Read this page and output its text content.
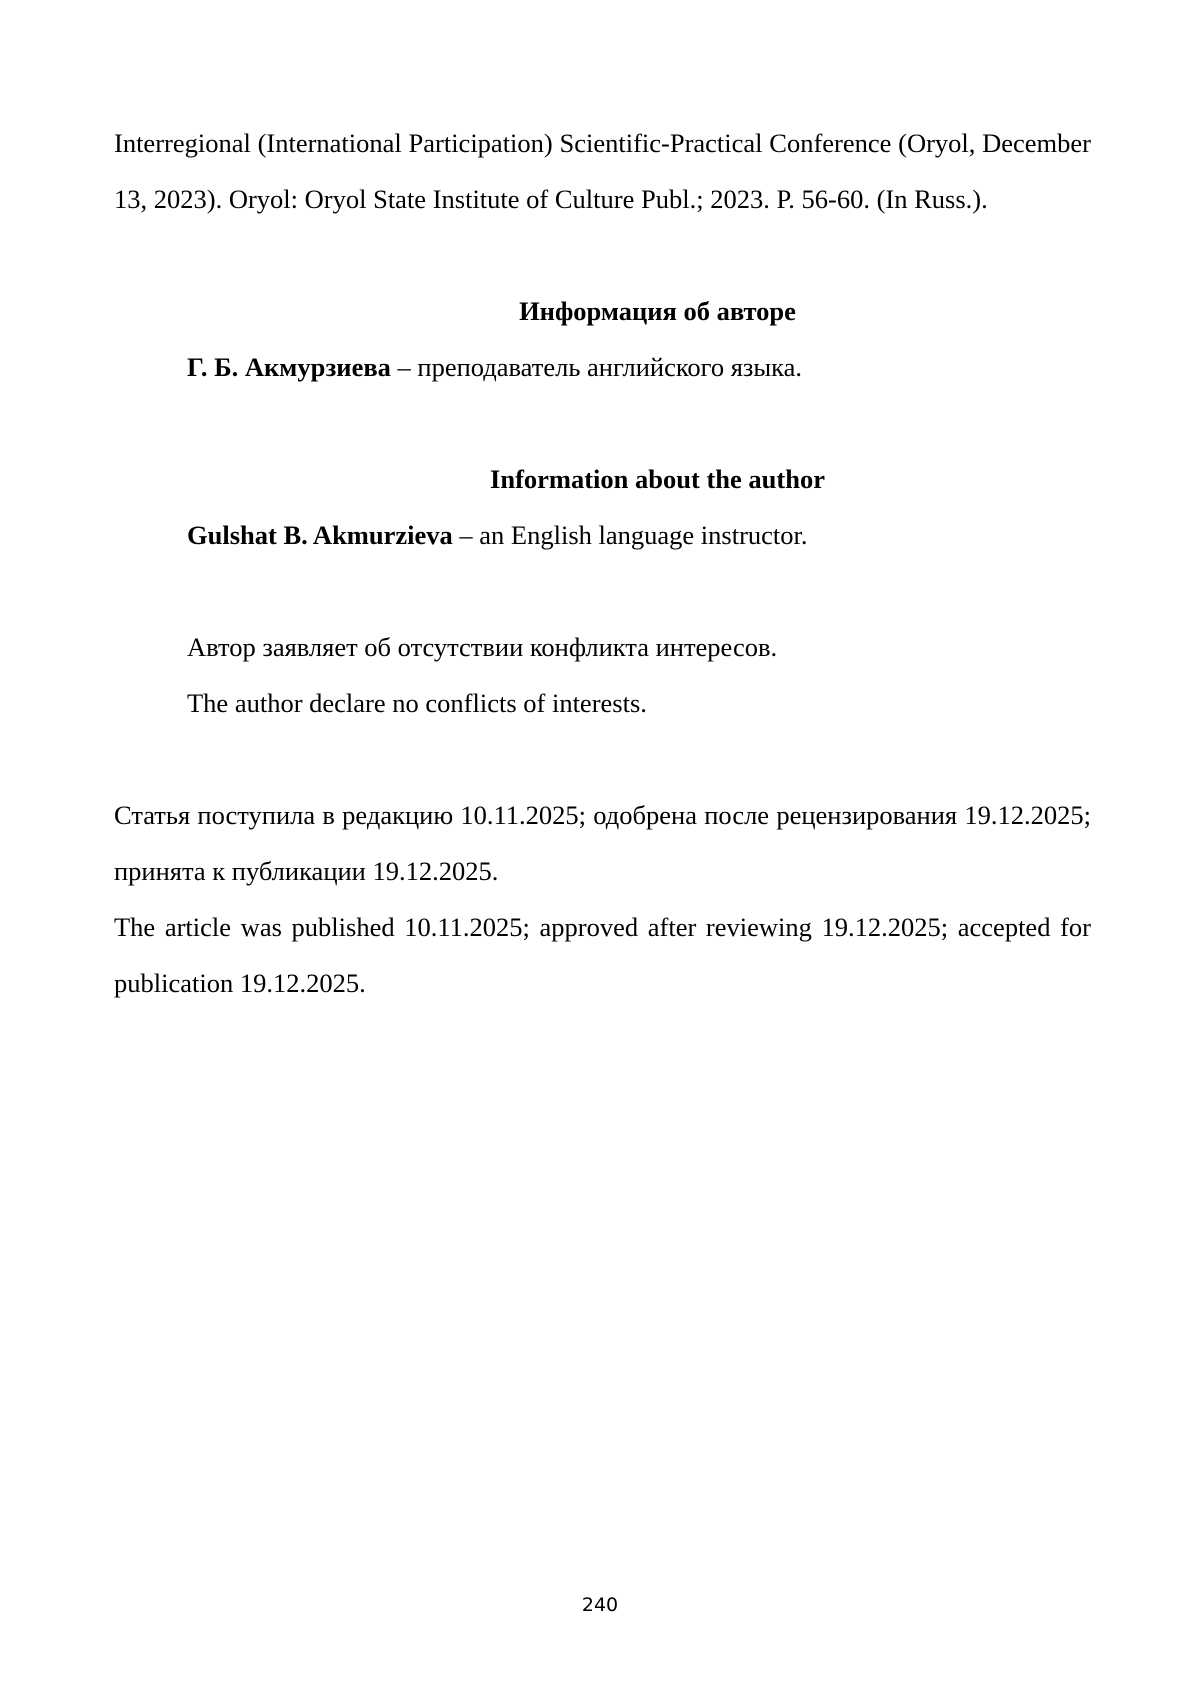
Interregional (International Participation) Scientific-Practical Conference (Oryol, December 13, 2023). Oryol: Oryol State Institute of Culture Publ.; 2023. P. 56-60. (In Russ.).

Информация об авторе

Г. Б. Акмурзиева – преподаватель английского языка.

Information about the author

Gulshat B. Akmurzieva – an English language instructor.

Автор заявляет об отсутствии конфликта интересов.

The author declare no conflicts of interests.

Статья поступила в редакцию 10.11.2025; одобрена после рецензирования 19.12.2025; принята к публикации 19.12.2025.

The article was published 10.11.2025; approved after reviewing 19.12.2025; accepted for publication 19.12.2025.

240
